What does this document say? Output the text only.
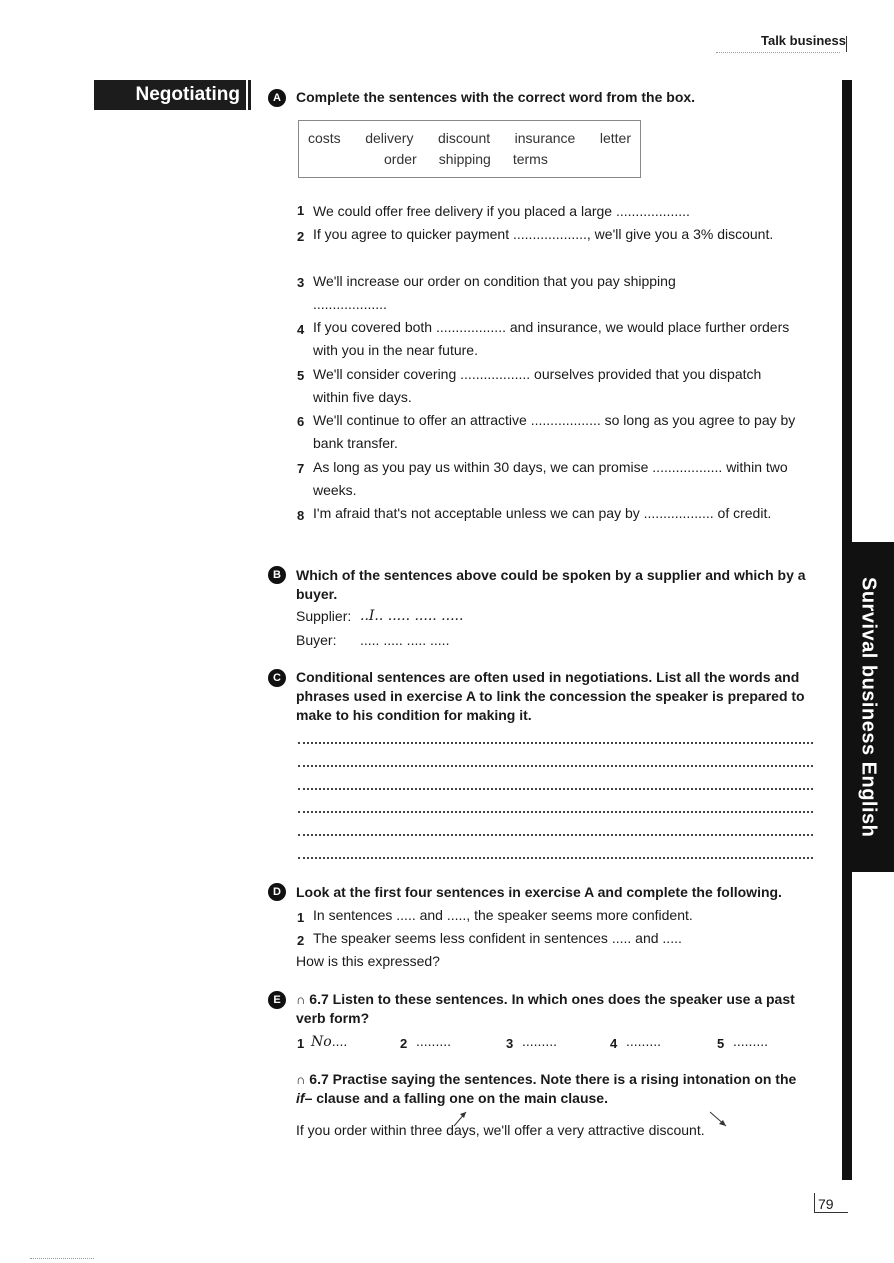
Talk business
Negotiating
Survival business English
A	Complete the sentences with the correct word from the box.
costs delivery discount insurance letter
order shipping terms
1 We could offer free delivery if you placed a large ...................
2 If you agree to quicker payment ..................., we'll give you a 3% discount.
3 We'll increase our order on condition that you pay shipping ...................
4 If you covered both .................. and insurance, we would place further orders with you in the near future.
5 We'll consider covering .................. ourselves provided that you dispatch within five days.
6 We'll continue to offer an attractive .................. so long as you agree to pay by bank transfer.
7 As long as you pay us within 30 days, we can promise .................. within two weeks.
8 I'm afraid that's not acceptable unless we can pay by .................. of credit.
B	Which of the sentences above could be spoken by a supplier and which by a buyer.
Supplier: ..I.. ..... ..... .....
Buyer: ..... ..... ..... .....
C	Conditional sentences are often used in negotiations. List all the words and phrases used in exercise A to link the concession the speaker is prepared to make to his condition for making it.
D	Look at the first four sentences in exercise A and complete the following.
1 In sentences ..... and ....., the speaker seems more confident.
2 The speaker seems less confident in sentences ..... and .....
How is this expressed?
E	∩ 6.7 Listen to these sentences. In which ones does the speaker use a past verb form?
1 No....	2 .........	3 .........	4 .........	5 .........
∩ 6.7 Practise saying the sentences. Note there is a rising intonation on the if– clause and a falling one on the main clause.
If you order within three days, we'll offer a very attractive discount.
79
